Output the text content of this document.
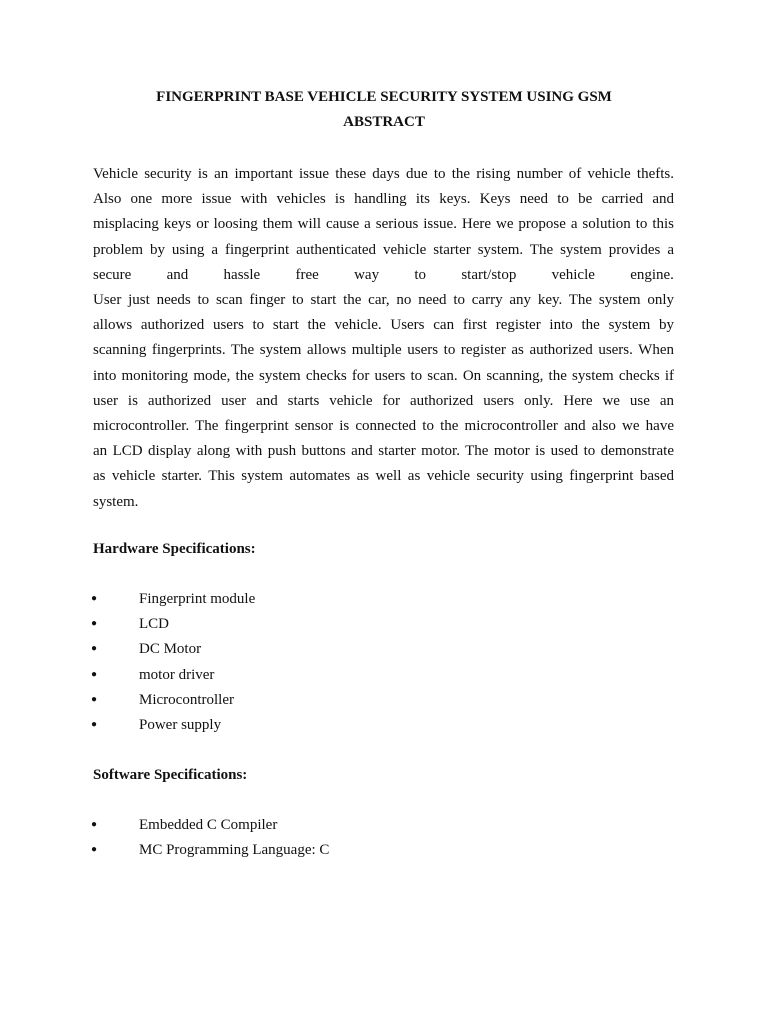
FINGERPRINT BASE VEHICLE SECURITY SYSTEM USING GSM
ABSTRACT
Vehicle security is an important issue these days due to the rising number of vehicle thefts.
Also one more issue with vehicles is handling its keys. Keys need to be carried and
misplacing keys or loosing them will cause a serious issue. Here we propose a solution to this
problem by using a fingerprint authenticated vehicle starter system. The system provides a
secure and hassle free way to start/stop vehicle engine.
User just needs to scan finger to start the car, no need to carry any key. The system only
allows authorized users to start the vehicle. Users can first register into the system by
scanning fingerprints. The system allows multiple users to register as authorized users. When
into monitoring mode, the system checks for users to scan. On scanning, the system checks if
user is authorized user and starts vehicle for authorized users only. Here we use an
microcontroller. The fingerprint sensor is connected to the microcontroller and also we have
an LCD display along with push buttons and starter motor. The motor is used to demonstrate
as vehicle starter. This system automates as well as vehicle security using fingerprint based
system.
Hardware Specifications:
●	Fingerprint module
●	LCD
●	DC Motor
●	motor driver
●	Microcontroller
●	Power supply
Software Specifications:
●	Embedded C Compiler
●	MC Programming Language: C
